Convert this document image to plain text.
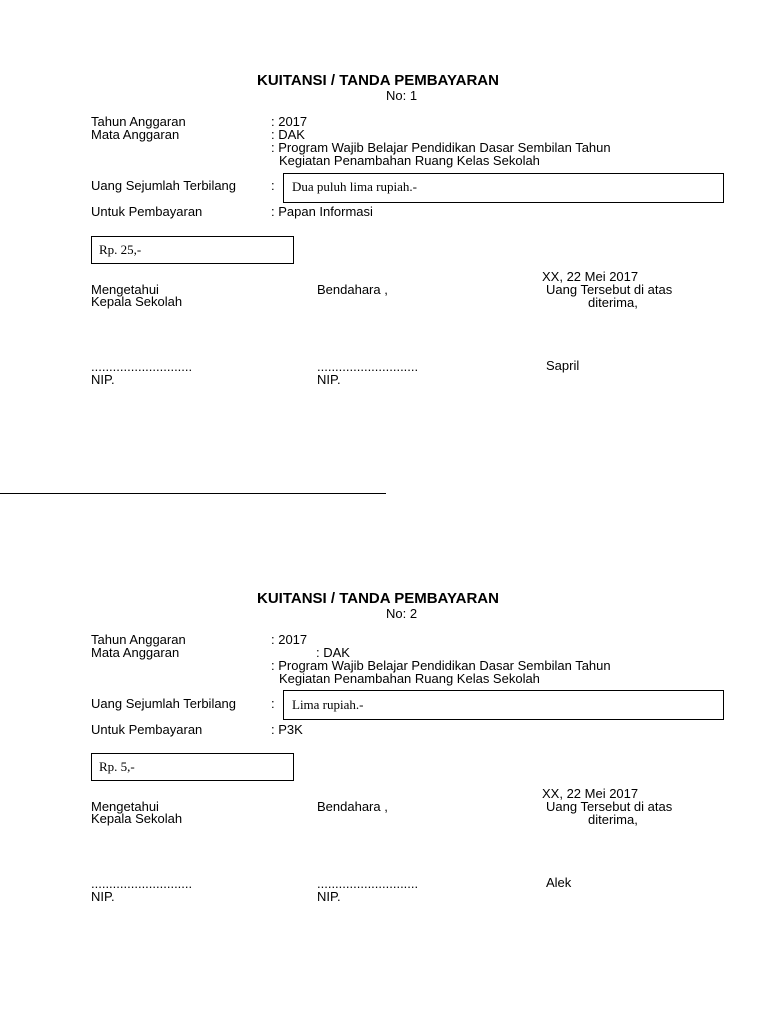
KUITANSI / TANDA PEMBAYARAN
No: 1
Tahun Anggaran	: 2017
Mata Anggaran	: DAK
: Program Wajib Belajar Pendidikan Dasar Sembilan Tahun
Kegiatan Penambahan Ruang Kelas Sekolah
Uang Sejumlah Terbilang	: Dua puluh lima rupiah.-
Untuk Pembayaran	: Papan Informasi
Rp. 25,-
XX, 22 Mei 2017
Mengetahui
Kepala Sekolah
Bendahara ,	Uang Tersebut di atas
diterima,
............................	............................	Sapril
NIP.	NIP.
KUITANSI / TANDA PEMBAYARAN
No: 2
Tahun Anggaran	: 2017
Mata Anggaran	: DAK
: Program Wajib Belajar Pendidikan Dasar Sembilan Tahun
Kegiatan Penambahan Ruang Kelas Sekolah
Uang Sejumlah Terbilang	: Lima rupiah.-
Untuk Pembayaran	: P3K
Rp. 5,-
XX, 22 Mei 2017
Mengetahui
Kepala Sekolah
Bendahara ,	Uang Tersebut di atas
diterima,
............................	............................	Alek
NIP.	NIP.
